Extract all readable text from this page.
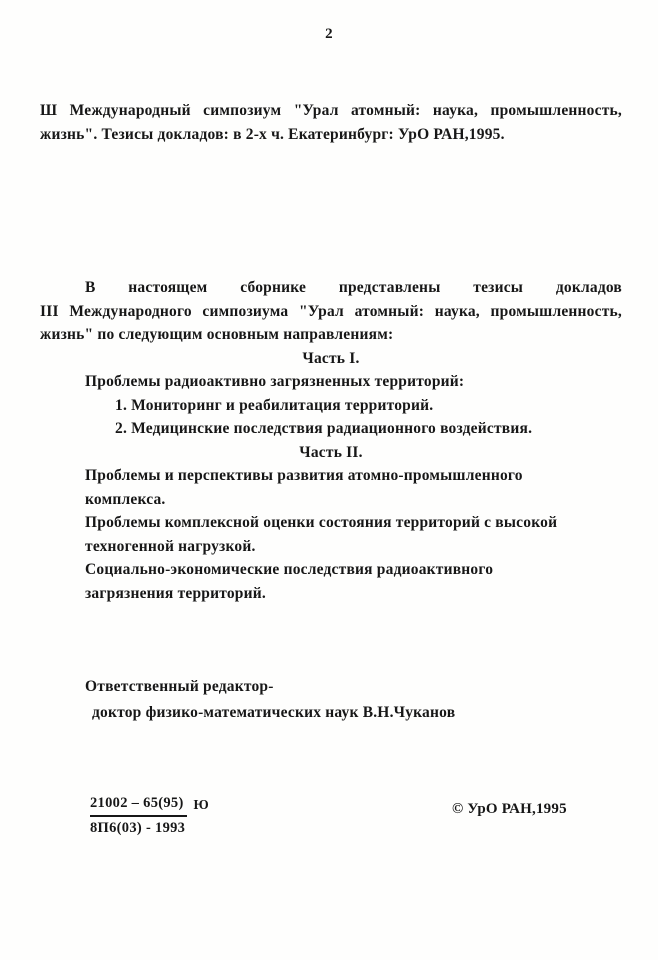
2
Ш Международный симпозиум "Урал атомный: наука, промышленность,
жизнь". Тезисы докладов: в 2-х ч. Екатеринбург: УрО РАН,1995.
В настоящем сборнике представлены тезисы докладов
III Международного симпозиума "Урал атомный: наука, промышленность,
жизнь" по следующим основным направлениям:
Часть I.
Проблемы радиоактивно загрязненных территорий:
1. Мониторинг и реабилитация территорий.
2. Медицинские последствия радиационного воздействия.
Часть II.
Проблемы и перспективы развития атомно-промышленного
комплекса.
Проблемы комплексной оценки состояния территорий с высокой
техногенной нагрузкой.
Социально-экономические последствия радиоактивного
загрязнения территорий.
Ответственный редактор-
доктор физико-математических наук В.Н.Чуканов
$\frac{21002 - 65(95)}{8П6(03) - 1993}$ Ю	© УрО РАН,1995
